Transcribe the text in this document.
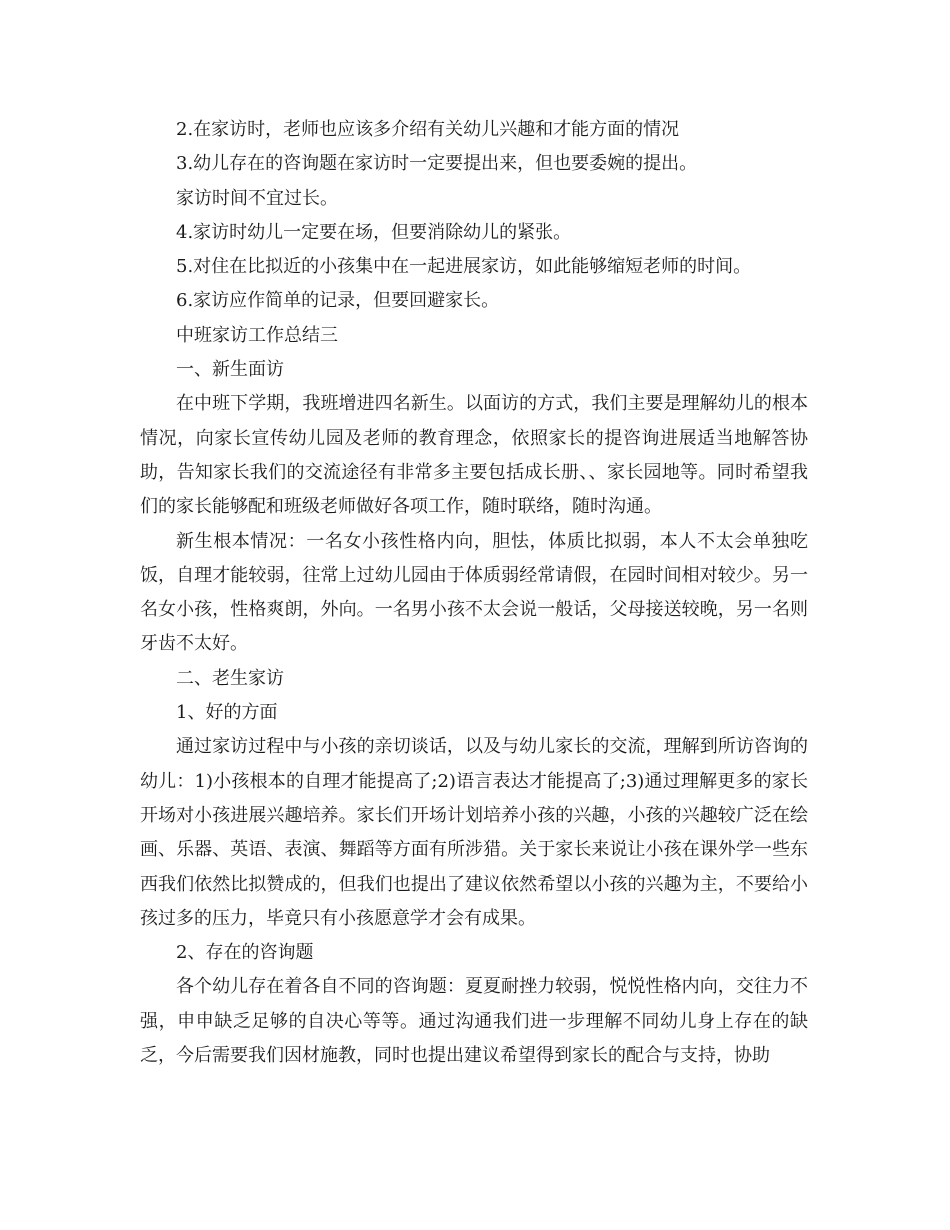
2.在家访时，老师也应该多介绍有关幼儿兴趣和才能方面的情况

3.幼儿存在的咨询题在家访时一定要提出来，但也要委婉的提出。

家访时间不宜过长。

4.家访时幼儿一定要在场，但要消除幼儿的紧张。

5.对住在比拟近的小孩集中在一起进展家访，如此能够缩短老师的时间。

6.家访应作简单的记录，但要回避家长。

中班家访工作总结三

一、新生面访

在中班下学期，我班增进四名新生。以面访的方式，我们主要是理解幼儿的根本情况，向家长宣传幼儿园及老师的教育理念，依照家长的提咨询进展适当地解答协助，告知家长我们的交流途径有非常多主要包括成长册、、家长园地等。同时希望我们的家长能够配和班级老师做好各项工作，随时联络，随时沟通。

新生根本情况：一名女小孩性格内向，胆怯，体质比拟弱，本人不太会单独吃饭，自理才能较弱，往常上过幼儿园由于体质弱经常请假，在园时间相对较少。另一名女小孩，性格爽朗，外向。一名男小孩不太会说一般话，父母接送较晚，另一名则牙齿不太好。

二、老生家访

1、好的方面

通过家访过程中与小孩的亲切谈话，以及与幼儿家长的交流，理解到所访咨询的幼儿：1)小孩根本的自理才能提高了;2)语言表达才能提高了;3)通过理解更多的家长开场对小孩进展兴趣培养。家长们开场计划培养小孩的兴趣，小孩的兴趣较广泛在绘画、乐器、英语、表演、舞蹈等方面有所涉猎。关于家长来说让小孩在课外学一些东西我们依然比拟赞成的，但我们也提出了建议依然希望以小孩的兴趣为主，不要给小孩过多的压力，毕竟只有小孩愿意学才会有成果。

2、存在的咨询题

各个幼儿存在着各自不同的咨询题：夏夏耐挫力较弱，悦悦性格内向，交往力不强，申申缺乏足够的自决心等等。通过沟通我们进一步理解不同幼儿身上存在的缺乏，今后需要我们因材施教，同时也提出建议希望得到家长的配合与支持，协助
